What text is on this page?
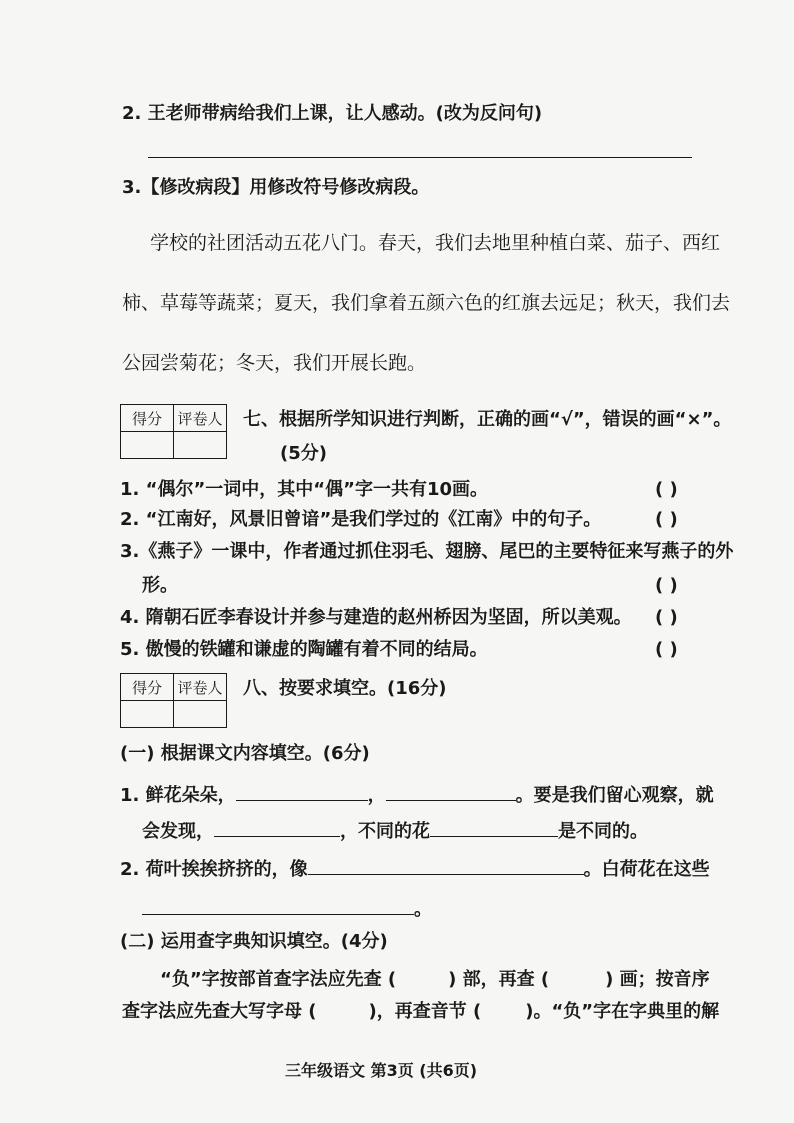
2. 王老师带病给我们上课，让人感动。(改为反问句)
3.【修改病段】用修改符号修改病段。
学校的社团活动五花八门。春天，我们去地里种植白菜、茄子、西红
柿、草莓等蔬菜；夏天，我们拿着五颜六色的红旗去远足；秋天，我们去
公园尝菊花；冬天，我们开展长跑。
得分	评卷人
	七、根据所学知识进行判断，正确的画“√”，错误的画“×”。
(5分)
1. “偶尔”一词中，其中“偶”字一共有10画。	( )
2. “江南好，风景旧曾谙”是我们学过的《江南》中的句子。	( )
3.《燕子》一课中，作者通过抓住羽毛、翅膀、尾巴的主要特征来写燕子的外
形。	( )
4. 隋朝石匠李春设计并参与建造的赵州桥因为坚固，所以美观。 ( )
5. 傲慢的铁罐和谦虚的陶罐有着不同的结局。	( )
得分	评卷人
	八、按要求填空。(16分)
(一) 根据课文内容填空。(6分)
1. 鲜花朵朵，	，	。要是我们留心观察，就
会发现，	，不同的花	是不同的。
2. 荷叶挨挨挤挤的，像	。白荷花在这些
。
(二) 运用查字典知识填空。(4分)
“负”字按部首查字法应先查 (	) 部，再查 (	) 画；按音序
查字法应先查大写字母 (	)，再查音节 ( )。“负”字在字典里的解
三年级语文 第3页 (共6页)
